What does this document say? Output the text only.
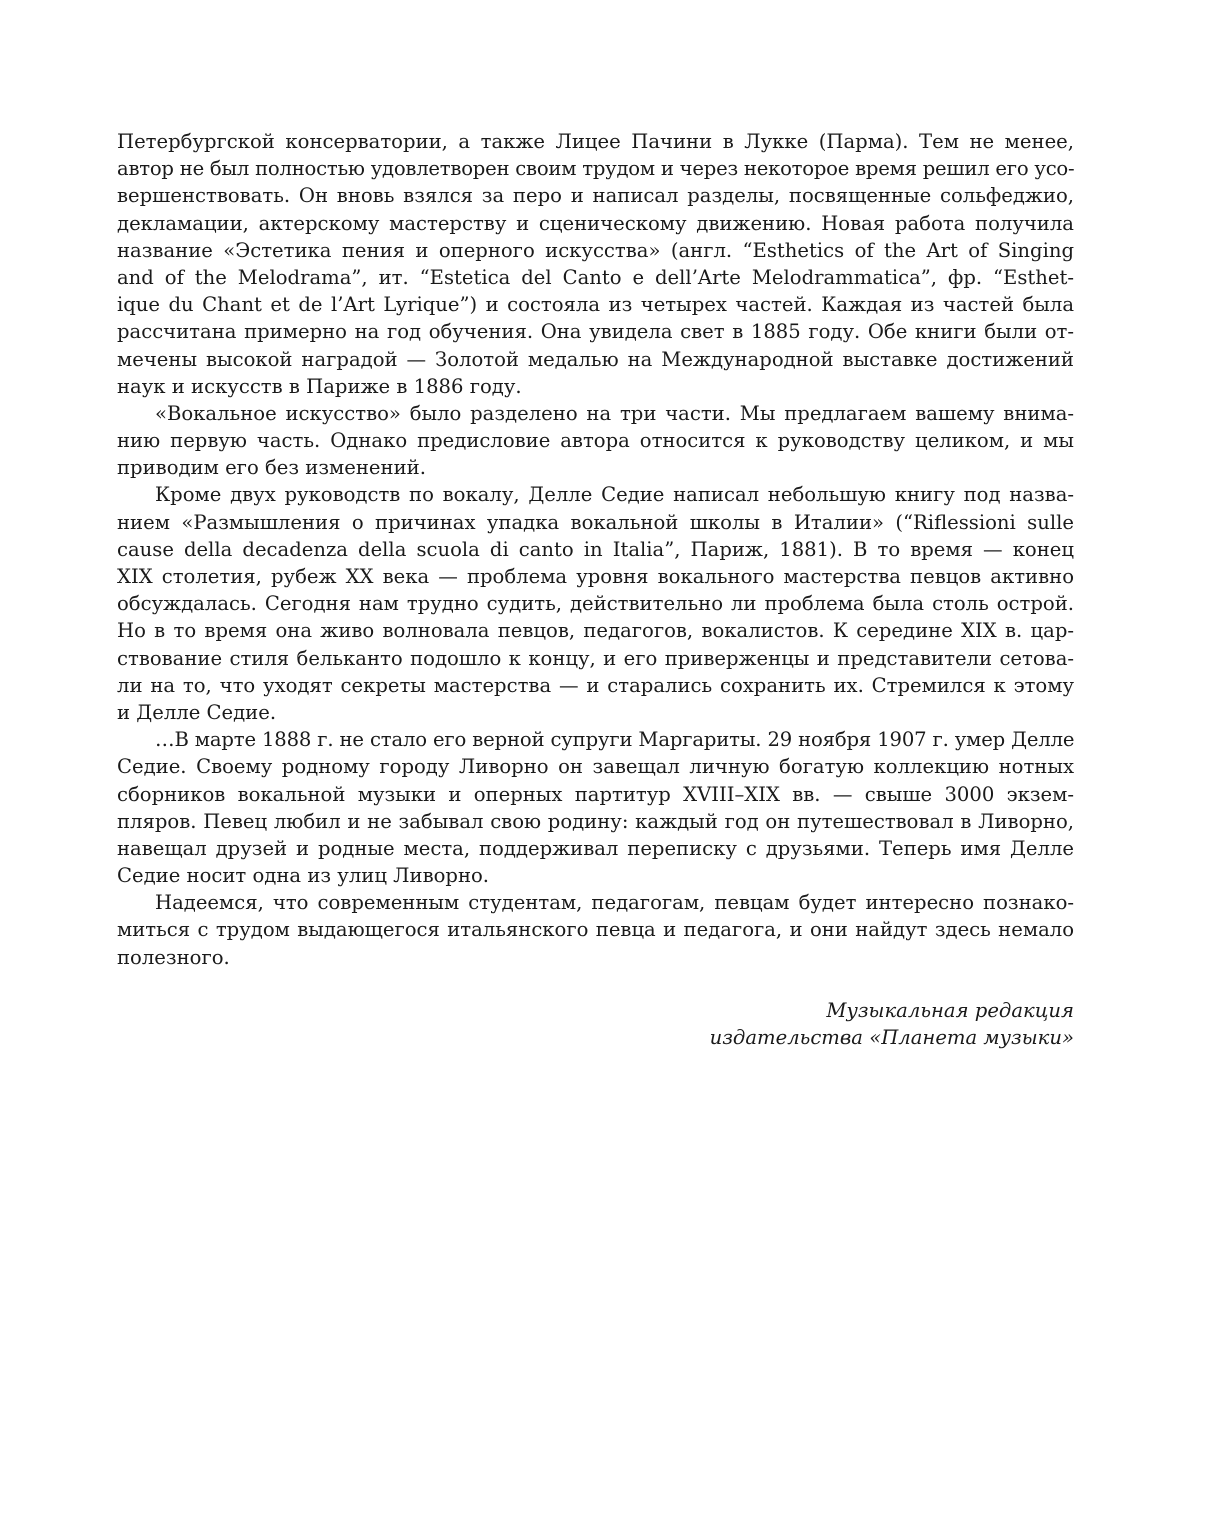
Петербургской консерватории, а также Лицее Пачини в Лукке (Парма). Тем не менее,
автор не был полностью удовлетворен своим трудом и через некоторое время решил его усо-
вершенствовать. Он вновь взялся за перо и написал разделы, посвященные сольфеджио,
декламации, актерскому мастерству и сценическому движению. Новая работа получила
название «Эстетика пения и оперного искусства» (англ. “Esthetics of the Art of Singing
and of the Melodrama”, ит. “Estetica del Canto e dell’Arte Melodrammatica”, фр. “Esthet-
ique du Chant et de l’Art Lyrique”) и состояла из четырех частей. Каждая из частей была
рассчитана примерно на год обучения. Она увидела свет в 1885 году. Обе книги были от-
мечены высокой наградой — Золотой медалью на Международной выставке достижений
наук и искусств в Париже в 1886 году.
«Вокальное искусство» было разделено на три части. Мы предлагаем вашему внима-
нию первую часть. Однако предисловие автора относится к руководству целиком, и мы
приводим его без изменений.
Кроме двух руководств по вокалу, Делле Седие написал небольшую книгу под назва-
нием «Размышления о причинах упадка вокальной школы в Италии» (“Riflessioni sulle
cause della decadenza della scuola di canto in Italia”, Париж, 1881). В то время — конец
XIX столетия, рубеж XX века — проблема уровня вокального мастерства певцов активно
обсуждалась. Сегодня нам трудно судить, действительно ли проблема была столь острой.
Но в то время она живо волновала певцов, педагогов, вокалистов. К середине XIX в. цар-
ствование стиля бельканто подошло к концу, и его приверженцы и представители сетова-
ли на то, что уходят секреты мастерства — и старались сохранить их. Стремился к этому
и Делле Седие.
…В марте 1888 г. не стало его верной супруги Маргариты. 29 ноября 1907 г. умер Делле
Седие. Своему родному городу Ливорно он завещал личную богатую коллекцию нотных
сборников вокальной музыки и оперных партитур XVIII–XIX вв. — свыше 3000 экзем-
пляров. Певец любил и не забывал свою родину: каждый год он путешествовал в Ливорно,
навещал друзей и родные места, поддерживал переписку с друзьями. Теперь имя Делле
Седие носит одна из улиц Ливорно.
Надеемся, что современным студентам, педагогам, певцам будет интересно познако-
миться с трудом выдающегося итальянского певца и педагога, и они найдут здесь немало
полезного.
Музыкальная редакция
издательства «Планета музыки»
